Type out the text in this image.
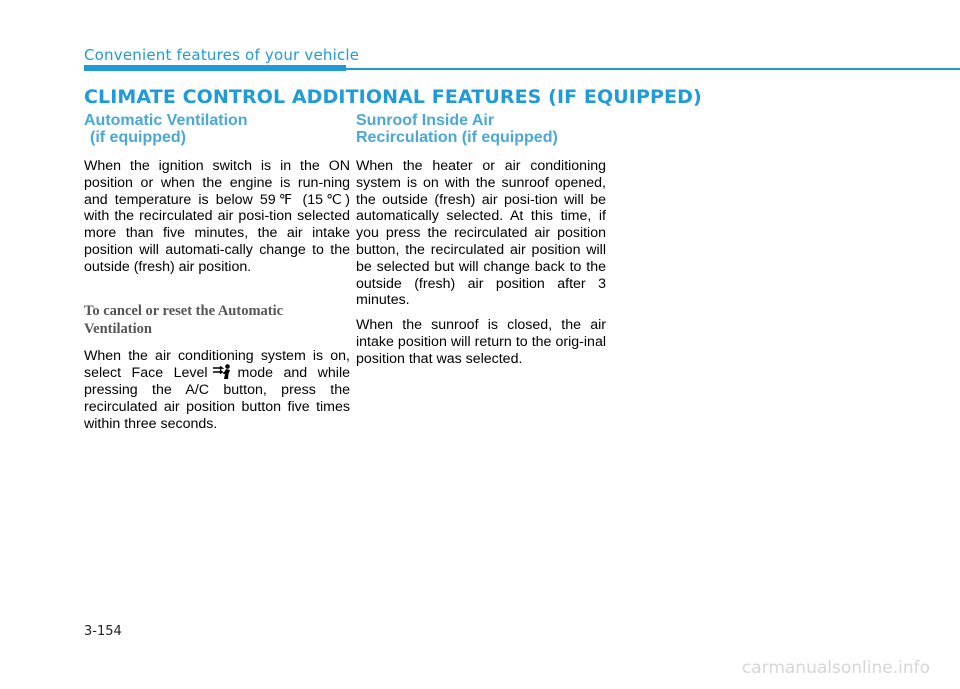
Convenient features of your vehicle
CLIMATE CONTROL ADDITIONAL FEATURES (IF EQUIPPED)
Automatic Ventilation
(if equipped)

When the ignition switch is in the ON position or when the engine is run-ning and temperature is below 59℉ (15℃) with the recirculated air posi-tion selected more than five minutes, the air intake position will automati-cally change to the outside (fresh) air position.

To cancel or reset the Automatic Ventilation

When the air conditioning system is on, select Face Level mode and while pressing the A/C button, press the recirculated air position button five times within three seconds.

Sunroof Inside Air
Recirculation (if equipped)

When the heater or air conditioning system is on with the sunroof opened, the outside (fresh) air posi-tion will be automatically selected. At this time, if you press the recirculated air position button, the recirculated air position will be selected but will change back to the outside (fresh) air position after 3 minutes.

When the sunroof is closed, the air intake position will return to the orig-inal position that was selected.

3-154
carmanualsonline.info
